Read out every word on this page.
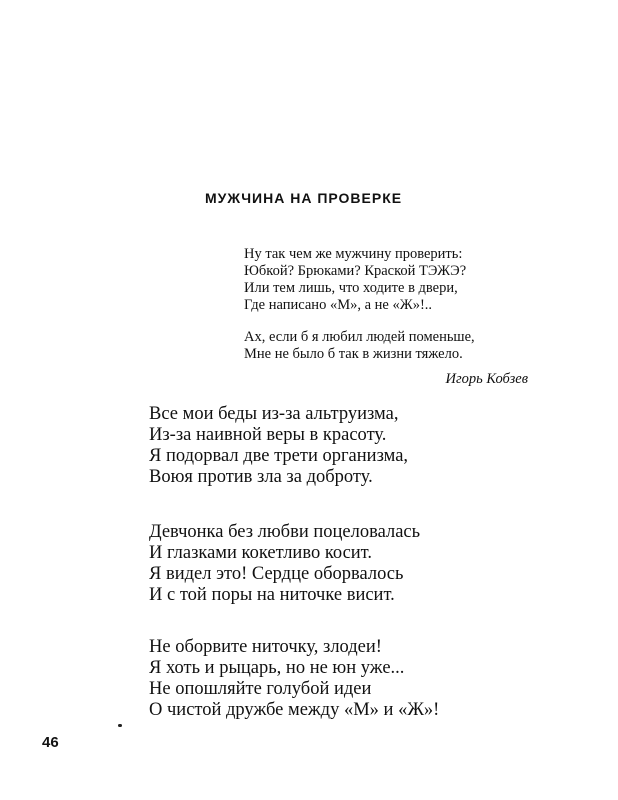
МУЖЧИНА НА ПРОВЕРКЕ
Ну так чем же мужчину проверить:
Юбкой? Брюками? Краской ТЭЖЭ?
Или тем лишь, что ходите в двери,
Где написано «М», а не «Ж»!..
Ах, если б я любил людей поменьше,
Мне не было б так в жизни тяжело.
Игорь Кобзев
Все мои беды из-за альтруизма,
Из-за наивной веры в красоту.
Я подорвал две трети организма,
Воюя против зла за доброту.
Девчонка без любви поцеловалась
И глазками кокетливо косит.
Я видел это! Сердце оборвалось
И с той поры на ниточке висит.
Не оборвите ниточку, злодеи!
Я хоть и рыцарь, но не юн уже...
Не опошляйте голубой идеи
О чистой дружбе между «М» и «Ж»!
46
